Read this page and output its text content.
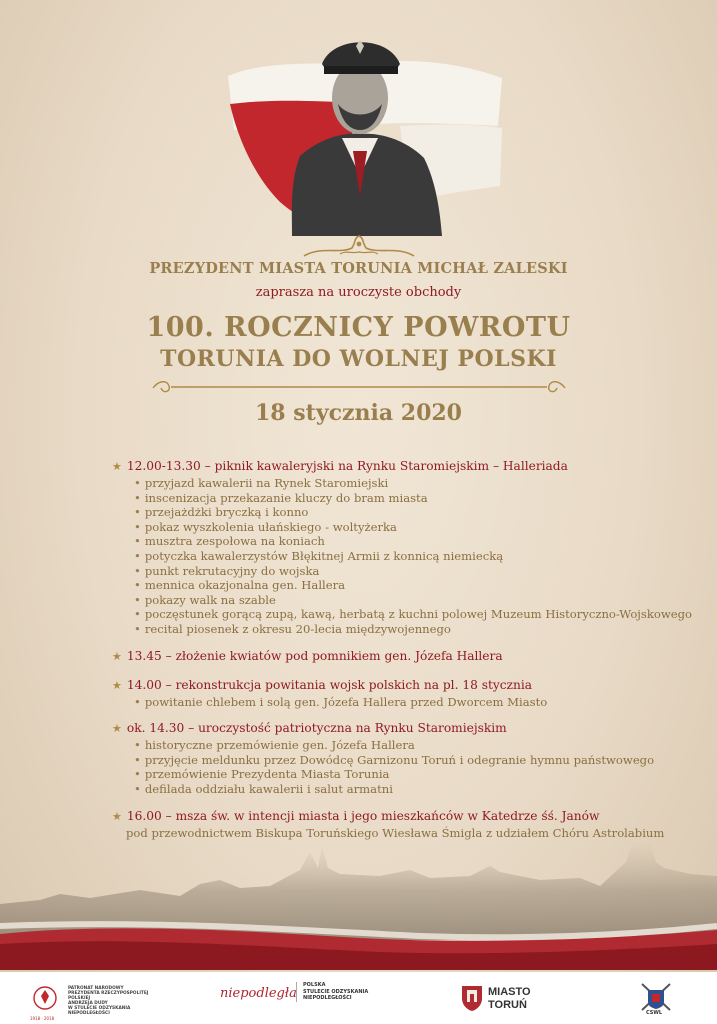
PREZYDENT MIASTA TORUNIA MICHAŁ ZALESKI
zaprasza na uroczyste obchody
100. ROCZNICY POWROTU
TORUNIA DO WOLNEJ POLSKI
18 stycznia 2020
★ 12.00-13.30 – piknik kawaleryjski na Rynku Staromiejskim – Halleriada
• przyjazd kawalerii na Rynek Staromiejski
• inscenizacja przekazanie kluczy do bram miasta
• przejażdżki bryczką i konno
• pokaz wyszkolenia ułańskiego - woltyżerka
• musztra zespołowa na koniach
• potyczka kawalerzystów Błękitnej Armii z konnicą niemiecką
• punkt rekrutacyjny do wojska
• mennica okazjonalna gen. Hallera
• pokazy walk na szable
• poczęstunek gorącą zupą, kawą, herbatą z kuchni polowej Muzeum Historyczno-Wojskowego
• recital piosenek z okresu 20-lecia międzywojennego
★ 13.45 – złożenie kwiatów pod pomnikiem gen. Józefa Hallera
★ 14.00 – rekonstrukcja powitania wojsk polskich na pl. 18 stycznia
• powitanie chlebem i solą gen. Józefa Hallera przed Dworcem Miasto
★ ok. 14.30 – uroczystość patriotyczna na Rynku Staromiejskim
• historyczne przemówienie gen. Józefa Hallera
• przyjęcie meldunku przez Dowódcę Garnizonu Toruń i odegranie hymnu państwowego
• przemówienie Prezydenta Miasta Torunia
• defilada oddziału kawalerii i salut armatni
★ 16.00 – msza św. w intencji miasta i jego mieszkańców w Katedrze śś. Janów
pod przewodnictwem Biskupa Toruńskiego Wiesława Śmigla z udziałem Chóru Astrolabium
PATRONAT NARODOWY
PREZYDENTA RZECZYPOSPOLITEJ POLSKIEJ
ANDRZEJA DUDY
W STULECIE ODZYSKANIA NIEPODLEGŁOŚCI
1918 · 2018
niepodległa
POLSKA
STULECIE ODZYSKANIA
NIEPODLEGŁOŚCI	MIASTO
TORUŃ
CSWL
